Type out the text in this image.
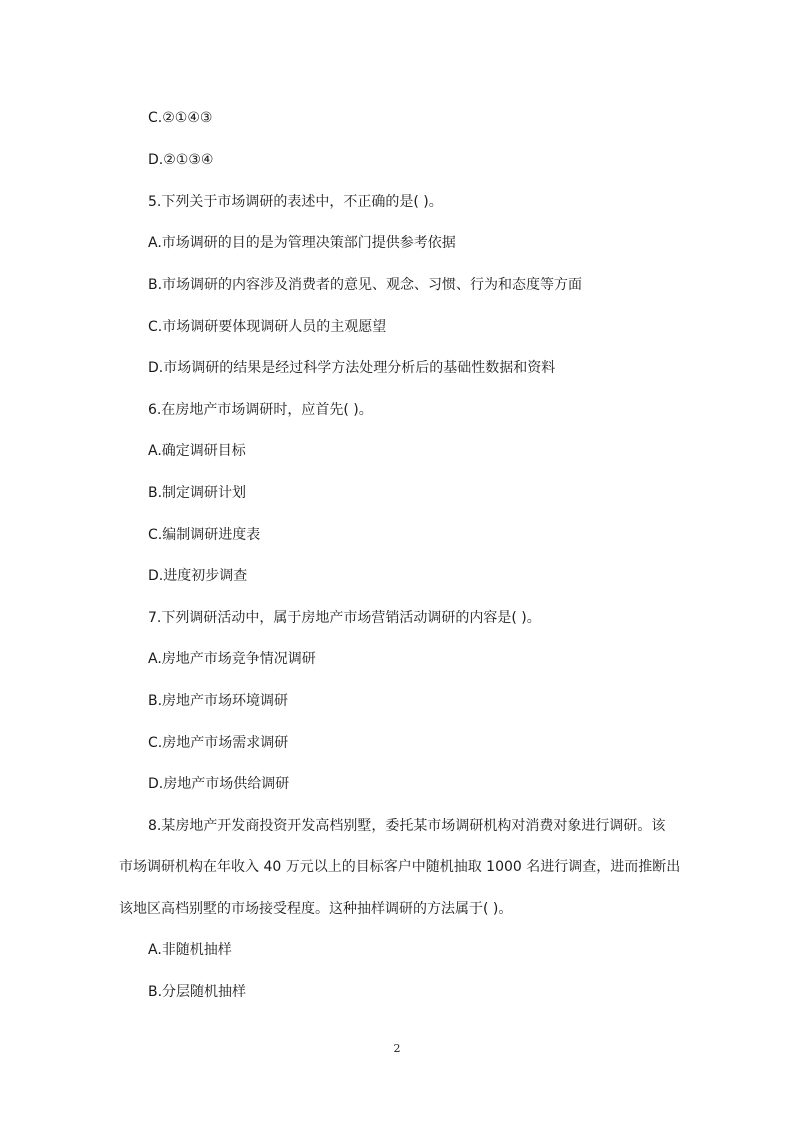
C.②①④③
D.②①③④
5.下列关于市场调研的表述中，不正确的是( )。
A.市场调研的目的是为管理决策部门提供参考依据
B.市场调研的内容涉及消费者的意见、观念、习惯、行为和态度等方面
C.市场调研要体现调研人员的主观愿望
D.市场调研的结果是经过科学方法处理分析后的基础性数据和资料
6.在房地产市场调研时，应首先( )。
A.确定调研目标
B.制定调研计划
C.编制调研进度表
D.进度初步调查
7.下列调研活动中，属于房地产市场营销活动调研的内容是( )。
A.房地产市场竞争情况调研
B.房地产市场环境调研
C.房地产市场需求调研
D.房地产市场供给调研
8.某房地产开发商投资开发高档别墅，委托某市场调研机构对消费对象进行调研。该
市场调研机构在年收入 40 万元以上的目标客户中随机抽取 1000 名进行调查，进而推断出
该地区高档别墅的市场接受程度。这种抽样调研的方法属于( )。
A.非随机抽样
B.分层随机抽样
2
